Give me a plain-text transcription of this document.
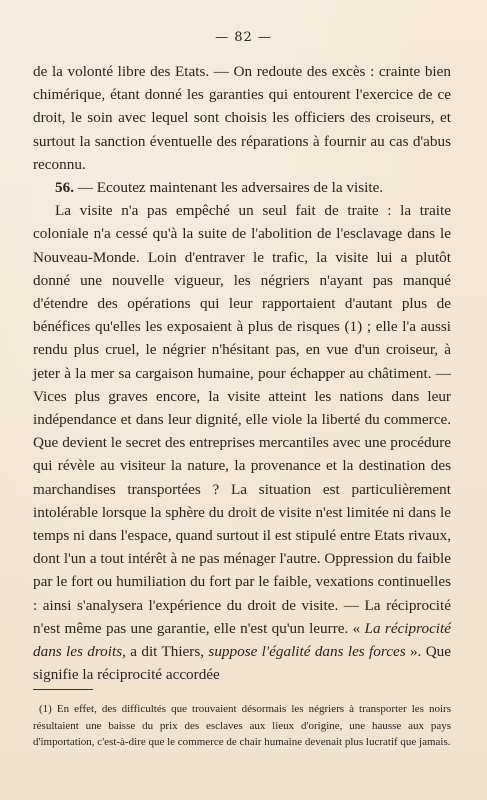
— 82 —

de la volonté libre des Etats. — On redoute des excès : crainte bien chimérique, étant donné les garanties qui entourent l'exercice de ce droit, le soin avec lequel sont choisis les officiers des croiseurs, et surtout la sanction éventuelle des réparations à fournir au cas d'abus reconnu.

56. — Ecoutez maintenant les adversaires de la visite.

La visite n'a pas empêché un seul fait de traite : la traite coloniale n'a cessé qu'à la suite de l'abolition de l'esclavage dans le Nouveau-Monde. Loin d'entraver le trafic, la visite lui a plutôt donné une nouvelle vigueur, les négriers n'ayant pas manqué d'étendre des opérations qui leur rapportaient d'autant plus de bénéfices qu'elles les exposaient à plus de risques (1) ; elle l'a aussi rendu plus cruel, le négrier n'hésitant pas, en vue d'un croiseur, à jeter à la mer sa cargaison humaine, pour échapper au châtiment. — Vices plus graves encore, la visite atteint les nations dans leur indépendance et dans leur dignité, elle viole la liberté du commerce. Que devient le secret des entreprises mercantiles avec une procédure qui révèle au visiteur la nature, la provenance et la destination des marchandises transportées ? La situation est particulièrement intolérable lorsque la sphère du droit de visite n'est limitée ni dans le temps ni dans l'espace, quand surtout il est stipulé entre Etats rivaux, dont l'un a tout intérêt à ne pas ménager l'autre. Oppression du faible par le fort ou humiliation du fort par le faible, vexations continuelles : ainsi s'analysera l'expérience du droit de visite. — La réciprocité n'est même pas une garantie, elle n'est qu'un leurre. « La réciprocité dans les droits, a dit Thiers, suppose l'égalité dans les forces ». Que signifie la réciprocité accordée

(1) En effet, des difficultés que trouvaient désormais les négriers à transporter les noirs résultaient une baisse du prix des esclaves aux lieux d'origine, une hausse aux pays d'importation, c'est-à-dire que le commerce de chair humaine devenait plus lucratif que jamais.
